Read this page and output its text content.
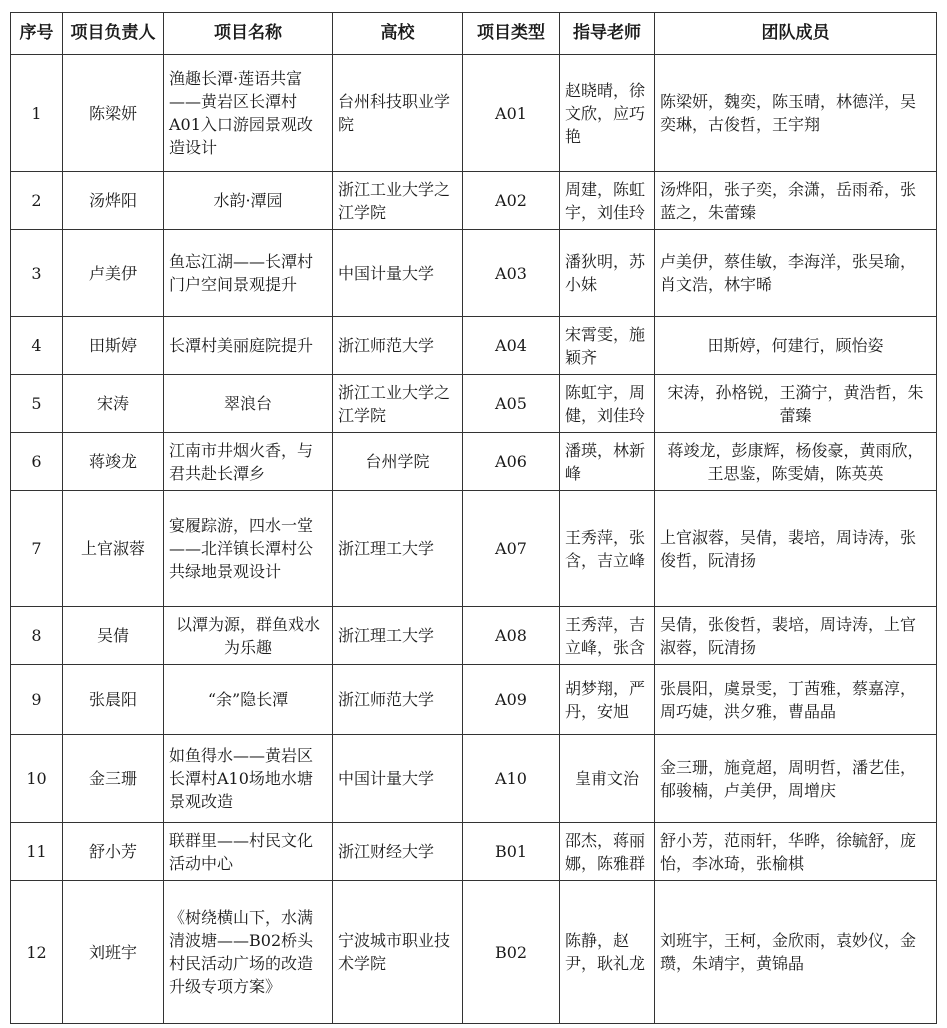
序号	项目负责人	项目名称	高校	项目类型	指导老师	团队成员
1	陈梁妍	渔趣长潭·莲语共富——黄岩区长潭村A01入口游园景观改造设计	台州科技职业学院	A01	赵晓晴，徐文欣，应巧艳	陈梁妍，魏奕，陈玉晴，林德洋，吴奕琳，古俊哲，王宇翔
2	汤烨阳	水韵·潭园	浙江工业大学之江学院	A02	周建，陈虹宇，刘佳玲	汤烨阳，张子奕，余潇，岳雨希，张蓝之，朱蕾臻
3	卢美伊	鱼忘江湖——长潭村门户空间景观提升	中国计量大学	A03	潘狄明，苏小妹	卢美伊，蔡佳敏，李海洋，张吴瑜，肖文浩，林宇晞
4	田斯婷	长潭村美丽庭院提升	浙江师范大学	A04	宋霄雯，施颖齐	田斯婷，何建行，顾怡姿
5	宋涛	翠浪台	浙江工业大学之江学院	A05	陈虹宇，周健，刘佳玲	宋涛，孙格锐，王漪宁，黄浩哲，朱蕾臻
6	蒋竣龙	江南市井烟火香，与君共赴长潭乡	台州学院	A06	潘瑛，林新峰	蒋竣龙，彭康辉，杨俊豪，黄雨欣，王思鉴，陈雯婧，陈英英
7	上官淑蓉	宴履踪游，四水一堂——北洋镇长潭村公共绿地景观设计	浙江理工大学	A07	王秀萍，张含，吉立峰	上官淑蓉，吴倩，裴培，周诗涛，张俊哲，阮清扬
8	吴倩	以潭为源，群鱼戏水为乐趣	浙江理工大学	A08	王秀萍，吉立峰，张含	吴倩，张俊哲，裴培，周诗涛，上官淑蓉，阮清扬
9	张晨阳	“余”隐长潭	浙江师范大学	A09	胡梦翔，严丹，安旭	张晨阳，虞景雯，丁茜雅，蔡嘉淳，周巧婕，洪夕雅，曹晶晶
10	金三珊	如鱼得水——黄岩区长潭村A10场地水塘景观改造	中国计量大学	A10	皇甫文治	金三珊，施竟超，周明哲，潘艺佳，郁骏楠，卢美伊，周增庆
11	舒小芳	联群里——村民文化活动中心	浙江财经大学	B01	邵杰，蒋丽娜，陈雅群	舒小芳，范雨轩，华晔，徐毓舒，庞怡，李冰琦，张榆棋
12	刘班宇	《树绕横山下，水满清波塘——B02桥头村民活动广场的改造升级专项方案》	宁波城市职业技术学院	B02	陈静，赵尹，耿礼龙	刘班宇，王柯，金欣雨，袁妙仪，金瓒，朱靖宇，黄锦晶
